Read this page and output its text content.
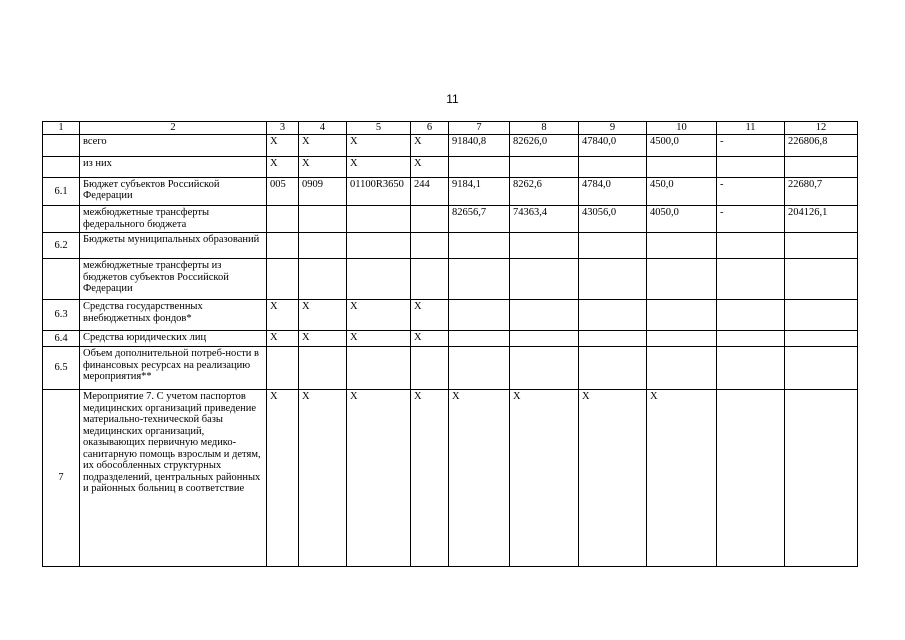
11
1	2	3	4	5	6	7	8	9	10	11	12
	всего	Х	Х	Х	Х	91840,8	82626,0	47840,0	4500,0	-	226806,8
	из них	Х	Х	Х	Х						
6.1	Бюджет субъектов Российской Федерации	005	0909	01100R3650	244	9184,1	8262,6	4784,0	450,0	-	22680,7
	межбюджетные трансферты федерального бюджета					82656,7	74363,4	43056,0	4050,0	-	204126,1
6.2	Бюджеты муниципальных образований										
	межбюджетные трансферты из бюджетов субъектов Российской Федерации										
6.3	Средства государственных внебюджетных фондов*	Х	Х	Х	Х						
6.4	Средства юридических лиц	Х	Х	Х	Х						
6.5	Объем дополнительной потреб-ности в финансовых ресурсах на реализацию мероприятия**										
7	Мероприятие 7. С учетом паспортов медицинских организаций приведение материально-технической базы медицинских организаций, оказывающих первичную медико-санитарную помощь взрослым и детям, их обособленных структурных подразделений, центральных районных и районных больниц в соответствие	Х	Х	Х	Х	Х	Х	Х	Х		
